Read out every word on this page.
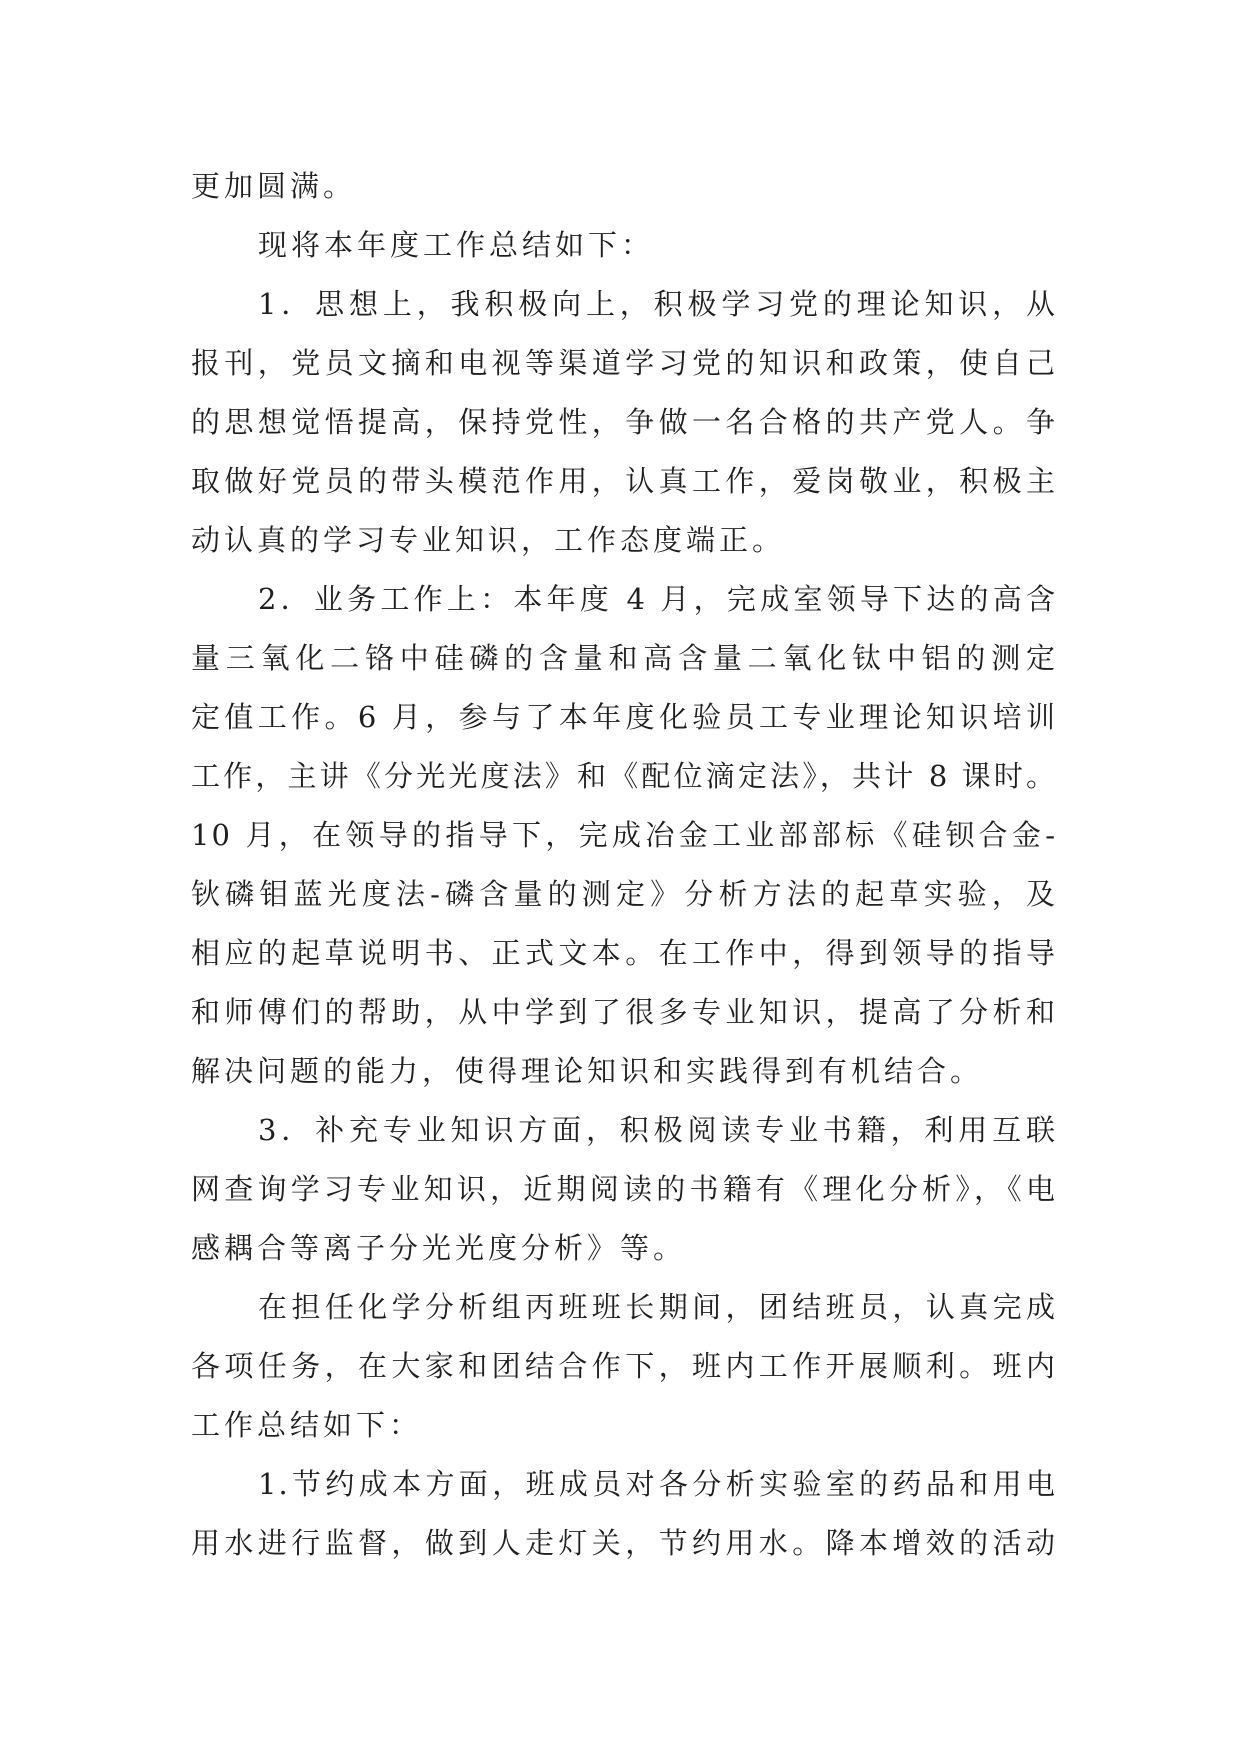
更加圆满。
现将本年度工作总结如下：
1．思想上，我积极向上，积极学习党的理论知识，从
报刊，党员文摘和电视等渠道学习党的知识和政策，使自己
的思想觉悟提高，保持党性，争做一名合格的共产党人。争
取做好党员的带头模范作用，认真工作，爱岗敬业，积极主
动认真的学习专业知识，工作态度端正。
2．业务工作上：本年度 4 月，完成室领导下达的高含
量三氧化二铬中硅磷的含量和高含量二氧化钛中铝的测定
定值工作。6 月，参与了本年度化验员工专业理论知识培训
工作，主讲《分光光度法》和《配位滴定法》，共计 8 课时。
10 月，在领导的指导下，完成冶金工业部部标《硅钡合金-
钬磷钼蓝光度法-磷含量的测定》分析方法的起草实验，及
相应的起草说明书、正式文本。在工作中，得到领导的指导
和师傅们的帮助，从中学到了很多专业知识，提高了分析和
解决问题的能力，使得理论知识和实践得到有机结合。
3．补充专业知识方面，积极阅读专业书籍，利用互联
网查询学习专业知识，近期阅读的书籍有《理化分析》，《电
感耦合等离子分光光度分析》等。
在担任化学分析组丙班班长期间，团结班员，认真完成
各项任务，在大家和团结合作下，班内工作开展顺利。班内
工作总结如下：
1.节约成本方面，班成员对各分析实验室的药品和用电
用水进行监督，做到人走灯关，节约用水。降本增效的活动
